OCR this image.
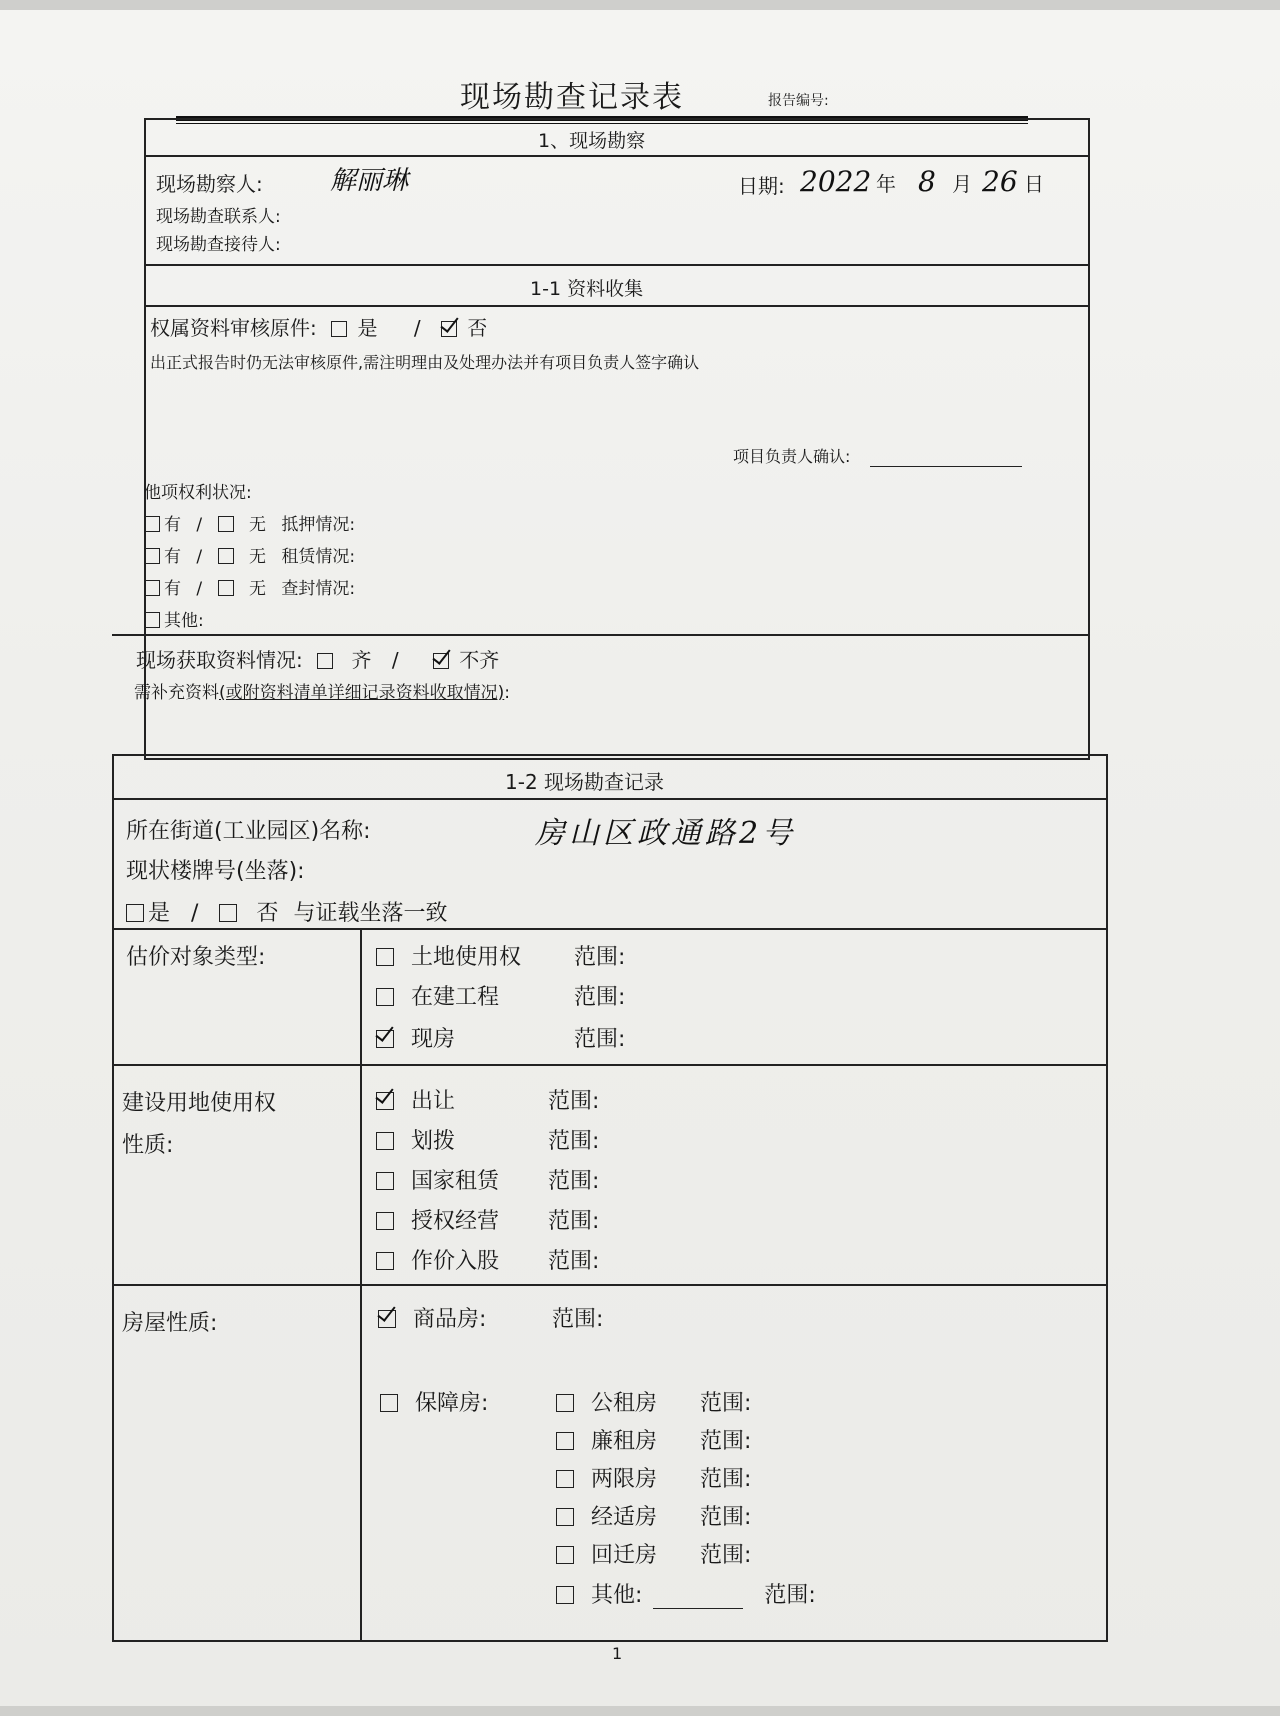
现场勘查记录表	报告编号:
1、现场勘察
现场勘察人:	解丽琳	日期: 2022 年 8 月 26 日
现场勘查联系人:
现场勘查接待人:
1-1 资料收集
权属资料审核原件: 是 / 否
出正式报告时仍无法审核原件,需注明理由及处理办法并有项目负责人签字确认
项目负责人确认:
他项权利状况:
有 /	无 抵押情况:
有 /	无 租赁情况:
有 /	无 查封情况:
其他:
现场获取资料情况: 齐 /	不齐
需补充资料(或附资料清单详细记录资料收取情况):
1-2 现场勘查记录
所在街道(工业园区)名称:	房山区政通路2号
现状楼牌号(坐落):
是 /	否 与证载坐落一致
估价对象类型:	土地使用权 范围:
在建工程	范围:
现房	范围:
建设用地使用权
性质:
出让	范围:
划拨	范围:
国家租赁 范围:
授权经营 范围:
作价入股 范围:
房屋性质:	商品房:	范围:
保障房:	公租房 范围:
廉租房 范围:
两限房 范围:
经适房 范围:
回迁房 范围:
其他:	范围:
1
